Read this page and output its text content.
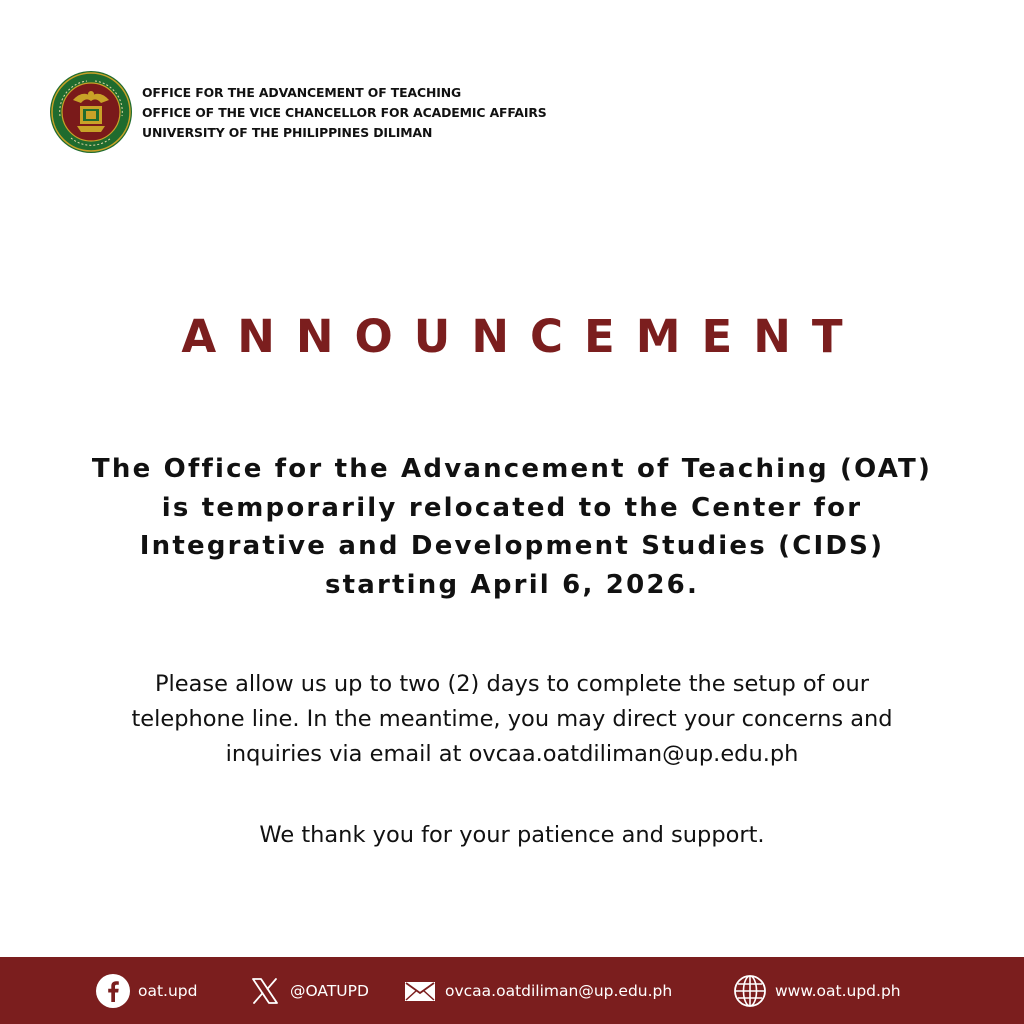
OFFICE FOR THE ADVANCEMENT OF TEACHING
OFFICE OF THE VICE CHANCELLOR FOR ACADEMIC AFFAIRS
UNIVERSITY OF THE PHILIPPINES DILIMAN
ANNOUNCEMENT
The Office for the Advancement of Teaching (OAT)
is temporarily relocated to the Center for
Integrative and Development Studies (CIDS)
starting April 6, 2026.
Please allow us up to two (2) days to complete the setup of our
telephone line. In the meantime, you may direct your concerns and
inquiries via email at ovcaa.oatdiliman@up.edu.ph
We thank you for your patience and support.
oat.upd	@OATUPD	ovcaa.oatdiliman@up.edu.ph	www.oat.upd.ph
